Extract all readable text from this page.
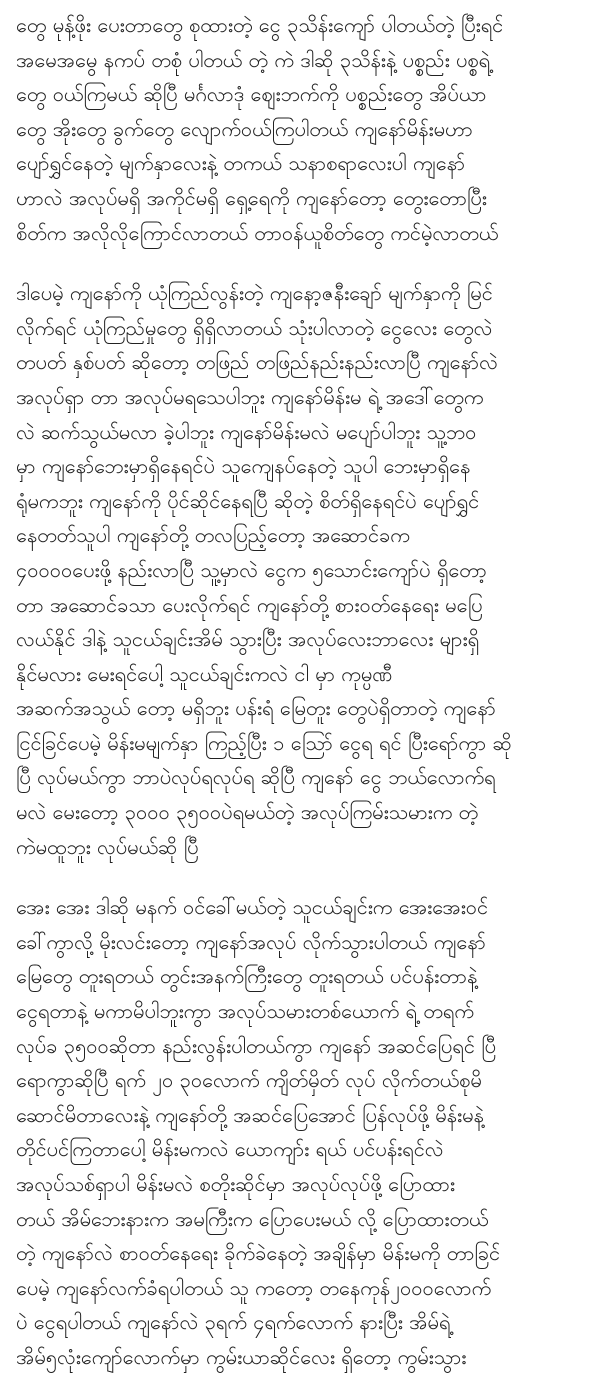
တွေ မုန့်ဖိုး ပေးတာတွေ စုထားတဲ့ ငွေ ၃သိန်းကျော် ပါတယ်တဲ့ ပြီးရင်
အမေအမွေ နကပ် တစုံ ပါတယ် တဲ့ ကဲ ဒါဆို ၃သိန်းနဲ့ ပစ္စည်း ပစ္စရဲ့
တွေ ဝယ်ကြမယ် ဆိုပြီ မင်္ဂလာဒုံ ဈေးဘက်ကို ပစ္စည်းတွေ အိပ်ယာ
တွေ အိုးတွေ ခွက်တွေ လျောက်ဝယ်ကြပါတယ် ကျနော်မိန်းမဟာ
ပျော်ရွှင်နေတဲ့ မျက်နှာလေးနဲ့ တကယ် သနာစရာလေးပါ ကျနော်
ဟာလဲ အလုပ်မရှိ အကိုင်မရှိ ရှေ့ရေကို ကျနော်တော့ တွေးတောပြီး
စိတ်က အလိုလိုကြောင်လာတယ် တာဝန်ယူစိတ်တွေ ကင်မဲ့လာတယ်
ဒါပေမဲ့ ကျနော်ကို ယုံကြည်လွန်းတဲ့ ကျနော့ဇနီးချော် မျက်နှာကို မြင်
လိုက်ရင် ယုံကြည်မှုတွေ ရှိရှိလာတယ် သုံးပါလာတဲ့ ငွေလေး တွေလဲ
တပတ် နှစ်ပတ် ဆိုတော့ တဖြည် တဖြည်နည်းနည်းလာပြီ ကျနော်လဲ
အလုပ်ရှာ တာ အလုပ်မရသေပါဘူး ကျနော်မိန်းမ ရဲ့ အဒေါ်တွေက
လဲ ဆက်သွယ်မလာ ခဲ့ပါဘူး ကျနော်မိန်းမလဲ မပျော်ပါဘူး သူ့ဘဝ
မှာ ကျနော်ဘေးမှာရှိနေရင်ပဲ သူကျေနပ်နေတဲ့ သူပါ ဘေးမှာရှိနေ
ရုံမကဘူး ကျနော်ကို ပိုင်ဆိုင်နေရပြီ ဆိုတဲ့ စိတ်ရှိနေရင်ပဲ ပျော်ရွှင်
နေတတ်သူပါ ကျနော်တို့ တလပြည့်တော့ အဆောင်ခက
၄၀၀၀၀ပေးဖို့ နည်းလာပြီ သူ့မှာလဲ ငွေက ၅သောင်းကျော်ပဲ ရှိတော့
တာ အဆောင်ခသာ ပေးလိုက်ရင် ကျနော်တို့ စားဝတ်နေရေး မပြေ
လယ်နိုင် ဒါနဲ့ သူငယ်ချင်းအိမ် သွားပြီး အလုပ်လေးဘာလေး များရှိ
နိုင်မလား မေးရင်ပေါ့ သူငယ်ချင်းကလဲ ငါ မှာ ကုမ္ပဏီ
အဆက်အသွယ် တော့ မရှိဘူး ပန်းရံ မြေတူး တွေပဲရှိတာတဲ့ ကျနော်
ငြင်ခြင်ပေမဲ့ မိန်းမမျက်နှာ ကြည့်ပြီး ၁ သြော် ငွေရ ရင် ပြီးရော်ကွာ ဆို
ပြီ လုပ်မယ်ကွာ ဘာပဲလုပ်ရလုပ်ရ ဆိုပြီ ကျနော် ငွေ ဘယ်လောက်ရ
မလဲ မေးတော့ ၃၀၀၀ ၃၅၀၀ပဲရမယ်တဲ့ အလုပ်ကြမ်းသမားက တဲ့
ကဲမထူဘူး လုပ်မယ်ဆို ပြီ
အေး အေး ဒါဆို မနက် ဝင်ခေါ်မယ်တဲ့ သူငယ်ချင်းက အေးအေးဝင်
ခေါ်ကွာလို့ မိုးလင်းတော့ ကျနော်အလုပ် လိုက်သွားပါတယ် ကျနော်
မြေတွေ တူးရတယ် တွင်းအနက်ကြီးတွေ တူးရတယ် ပင်ပန်းတာနဲ့
ငွေရတာနဲ့ မကာမိပါဘူးကွာ အလုပ်သမားတစ်ယောက် ရဲ့ တရက်
လုပ်ခ ၃၅၀၀ဆိုတာ နည်းလွန်းပါတယ်ကွာ ကျနော် အဆင်ပြေရင် ပြီ
ရောကွာဆိုပြီ ရက် ၂၀ ၃၀လောက် ကျိတ်မှိတ် လုပ် လိုက်တယ်စုမိ
ဆောင်မိတာလေးနဲ့ ကျနော်တို့ အဆင်ပြေအောင် ပြန်လုပ်ဖို့ မိန်းမနဲ့
တိုင်ပင်ကြတာပေါ့ မိန်းမကလဲ ယောကျာ်း ရယ် ပင်ပန်းရင်လဲ
အလုပ်သစ်ရှာပါ မိန်းမလဲ စတိုးဆိုင်မှာ အလုပ်လုပ်ဖို့ ပြောထား
တယ် အိမ်ဘေးနားက အမကြီးက ပြောပေးမယ် လို့ ပြောထားတယ်
တဲ့ ကျနော်လဲ စာဝတ်နေရေး ခိုက်ခဲနေတဲ့ အချိန်မှာ မိန်းမကို တာခြင်
ပေမဲ့ ကျနော်လက်ခံရပါတယ် သူ ကတော့ တနေကုန်၂၀၀၀လောက်
ပဲ ငွေရပါတယ် ကျနော်လဲ ၃ရက် ၄ရက်လောက် နားပြီး အိမ်ရဲ့
အိမ်၅လုံးကျော်လောက်မှာ ကွမ်းယာဆိုင်လေး ရှိတော့ ကွမ်းသွား
